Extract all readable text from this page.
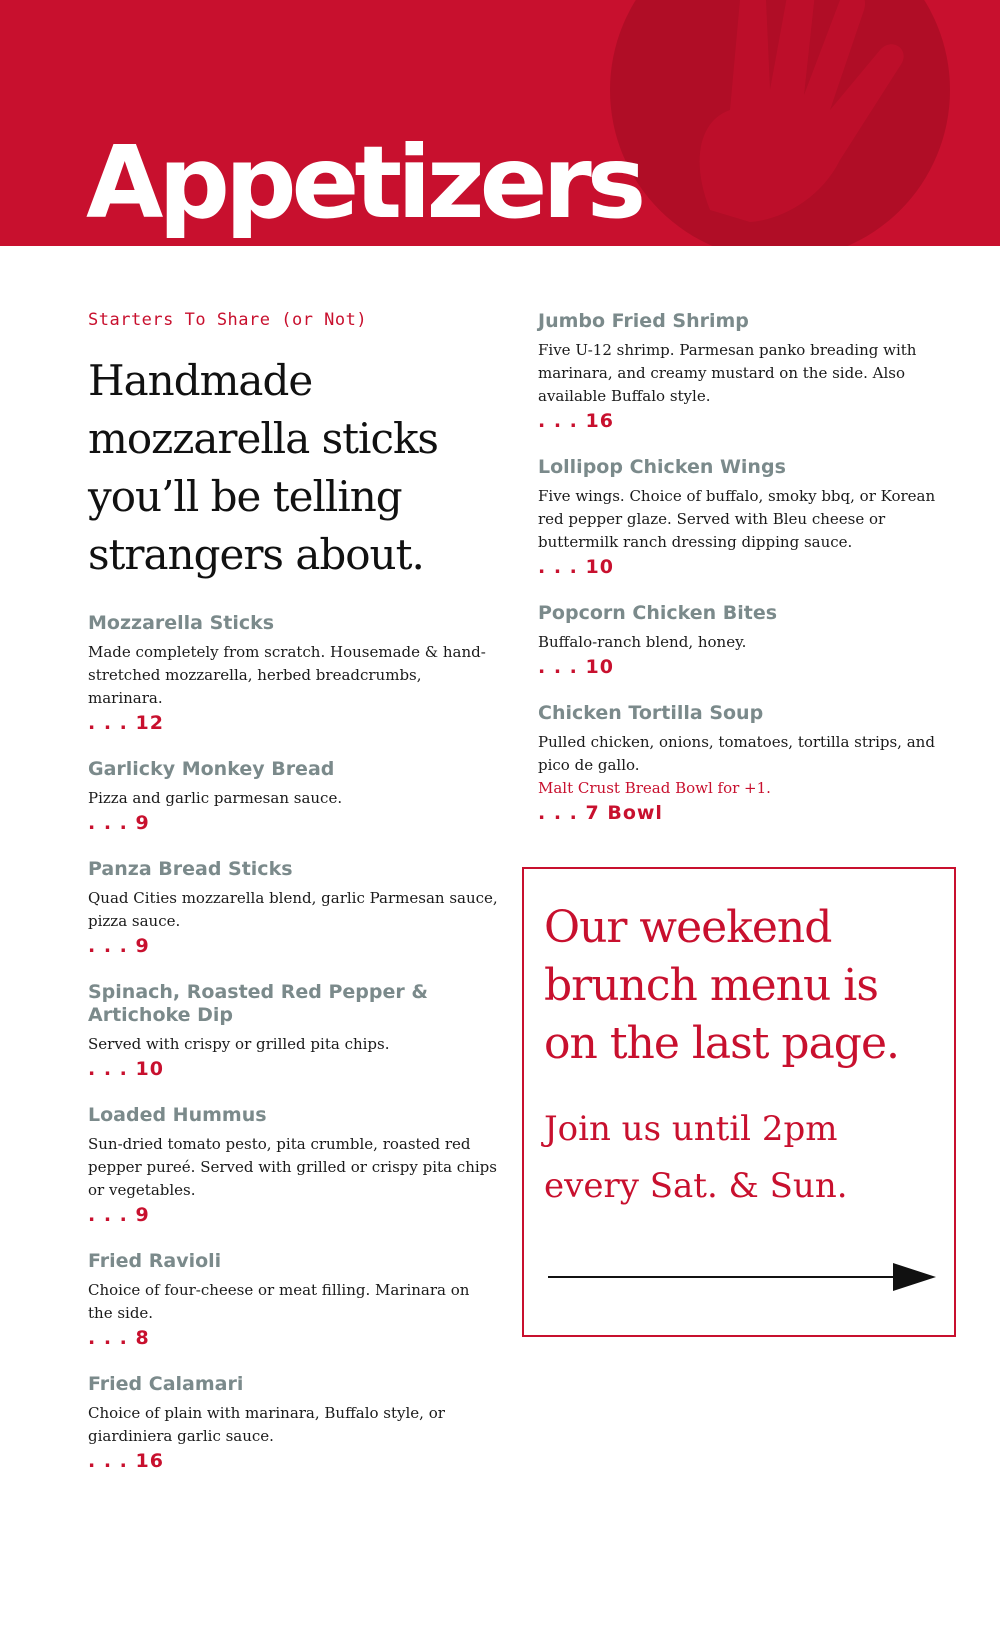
Appetizers
Starters To Share (or Not)
Handmade mozzarella sticks you’ll be telling strangers about.
Mozzarella Sticks
Made completely from scratch. Housemade & hand-stretched mozzarella, herbed breadcrumbs, marinara.
. . . 12
Garlicky Monkey Bread
Pizza and garlic parmesan sauce.
. . . 9
Panza Bread Sticks
Quad Cities mozzarella blend, garlic Parmesan sauce, pizza sauce.
. . . 9
Spinach, Roasted Red Pepper & Artichoke Dip
Served with crispy or grilled pita chips.
. . . 10
Loaded Hummus
Sun-dried tomato pesto, pita crumble, roasted red pepper pureé. Served with grilled or crispy pita chips or vegetables.
. . . 9
Fried Ravioli
Choice of four-cheese or meat filling. Marinara on the side.
. . . 8
Fried Calamari
Choice of plain with marinara, Buffalo style, or giardiniera garlic sauce.
. . . 16
Jumbo Fried Shrimp
Five U-12 shrimp. Parmesan panko breading with marinara, and creamy mustard on the side. Also available Buffalo style.
. . . 16
Lollipop Chicken Wings
Five wings. Choice of buffalo, smoky bbq, or Korean red pepper glaze. Served with Bleu cheese or buttermilk ranch dressing dipping sauce.
. . . 10
Popcorn Chicken Bites
Buffalo-ranch blend, honey.
. . . 10
Chicken Tortilla Soup
Pulled chicken, onions, tomatoes, tortilla strips, and pico de gallo.
Malt Crust Bread Bowl for +1.
. . . 7 Bowl
Our weekend brunch menu is on the last page.
Join us until 2pm every Sat. & Sun.
